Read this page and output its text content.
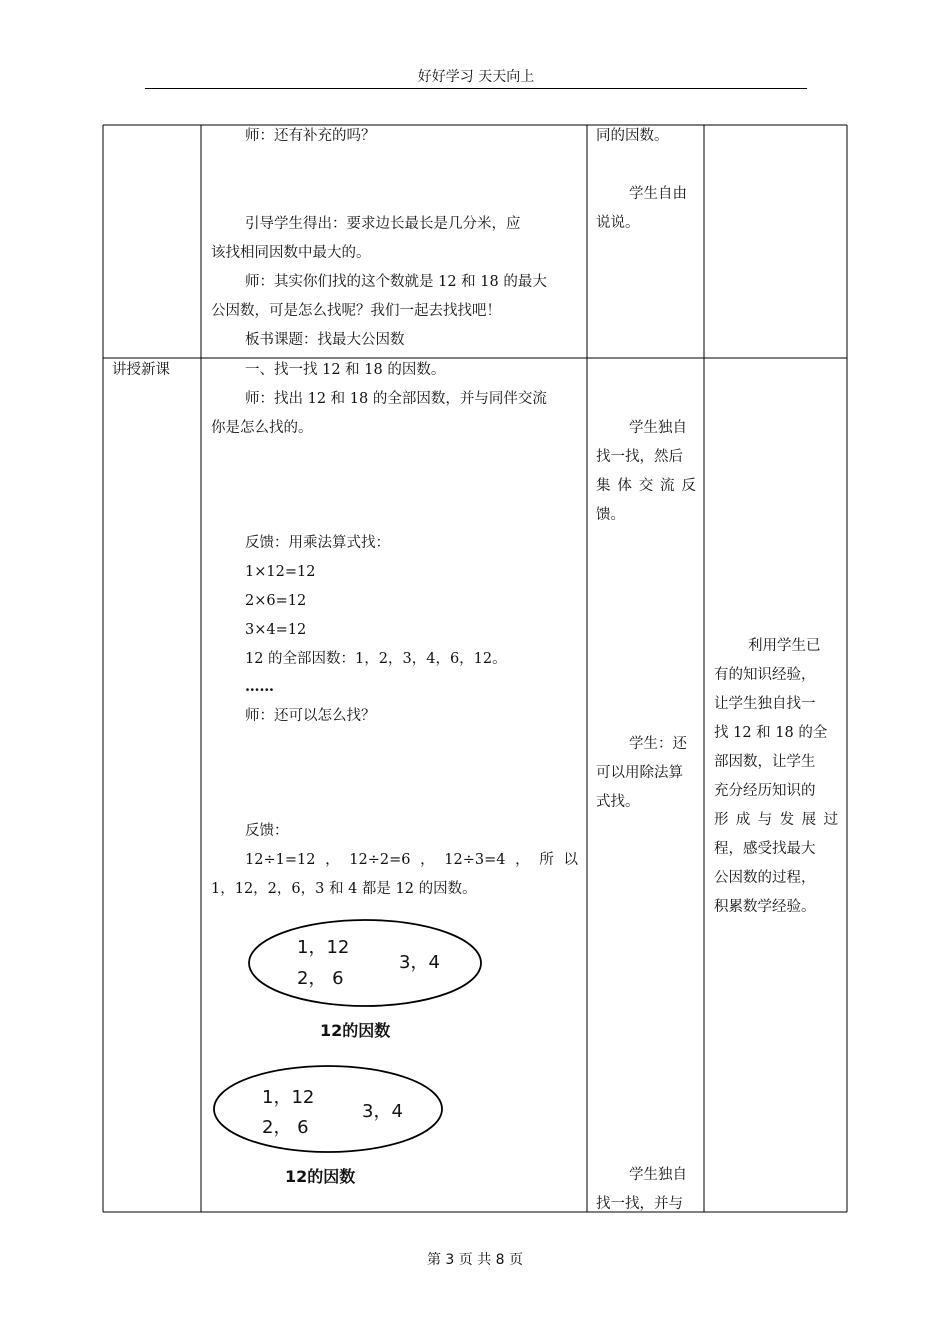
好好学习 天天向上
师：还有补充的吗？
引导学生得出：要求边长最长是几分米，应
该找相同因数中最大的。
师：其实你们找的这个数就是 12 和 18 的最大
公因数，可是怎么找呢？我们一起去找找吧！
板书课题：找最大公因数
同的因数。
学生自由
说说。
讲授新课	一、找一找 12 和 18 的因数。
师：找出 12 和 18 的全部因数，并与同伴交流
你是怎么找的。
反馈：用乘法算式找：
1×12=12
2×6=12
3×4=12
12 的全部因数：1，2，3，4，6，12。
……
师：还可以怎么找？
反馈：
12÷1=12 ， 12÷2=6 ， 12÷3=4 ， 所 以
1，12，2，6，3 和 4 都是 12 的因数。
1，12
2， 6
3，4
12的因数
1，12
2， 6
3，4
12的因数
学生独自
找一找，然后
集 体 交 流 反
馈。
学生：还
可以用除法算
式找。
学生独自
找一找，并与
利用学生已
有的知识经验，
让学生独自找一
找 12 和 18 的全
部因数，让学生
充分经历知识的
形 成 与 发 展 过
程，感受找最大
公因数的过程，
积累数学经验。
第 3 页 共 8 页
